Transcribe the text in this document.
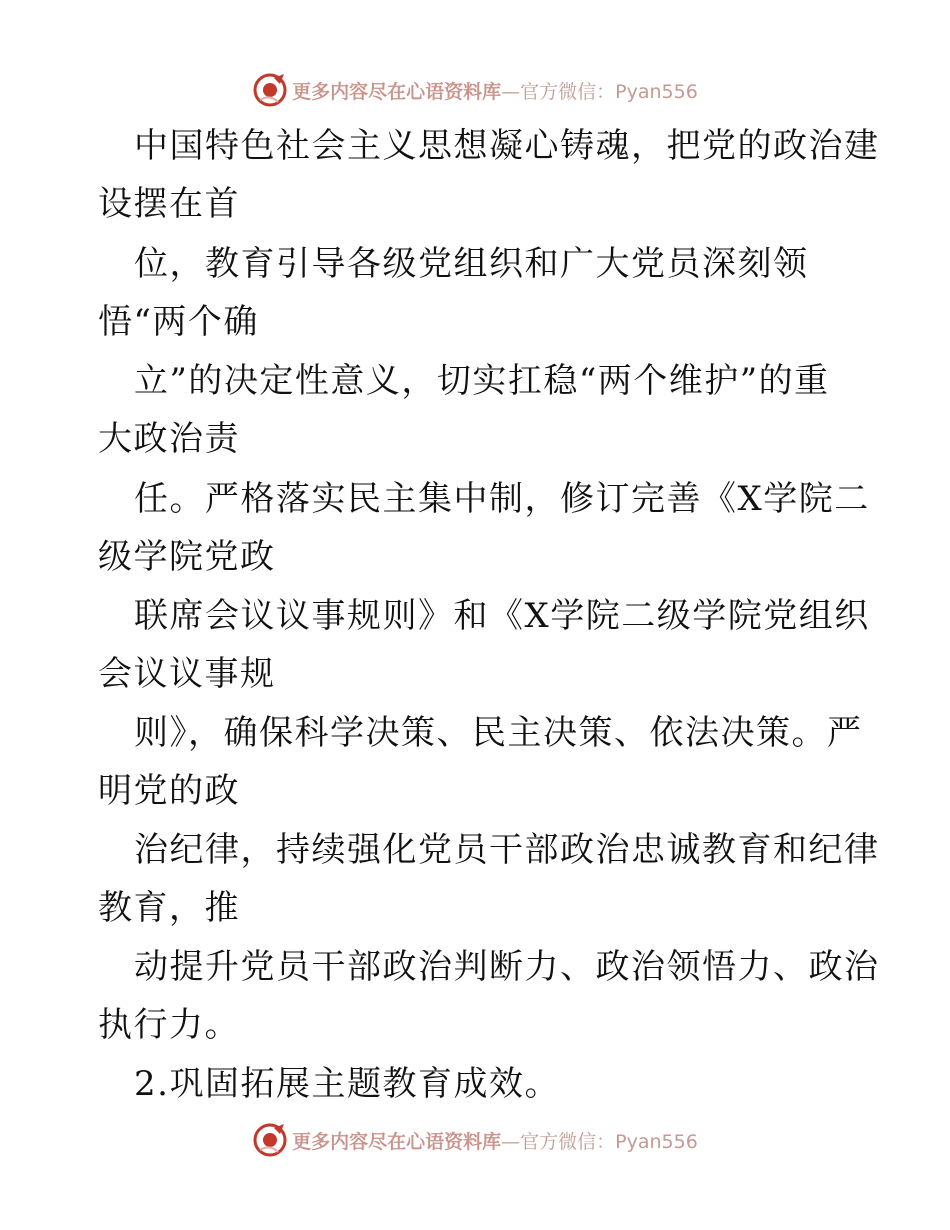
更多内容尽在心语资料库—官方微信：Pyan556
中国特色社会主义思想凝心铸魂，把党的政治建
设摆在首
位，教育引导各级党组织和广大党员深刻领
悟“两个确
立”的决定性意义，切实扛稳“两个维护”的重
大政治责
任。严格落实民主集中制，修订完善《X学院二
级学院党政
联席会议议事规则》和《X学院二级学院党组织
会议议事规
则》，确保科学决策、民主决策、依法决策。严
明党的政
治纪律，持续强化党员干部政治忠诚教育和纪律
教育，推
动提升党员干部政治判断力、政治领悟力、政治
执行力。
2.巩固拓展主题教育成效。
更多内容尽在心语资料库—官方微信：Pyan556
